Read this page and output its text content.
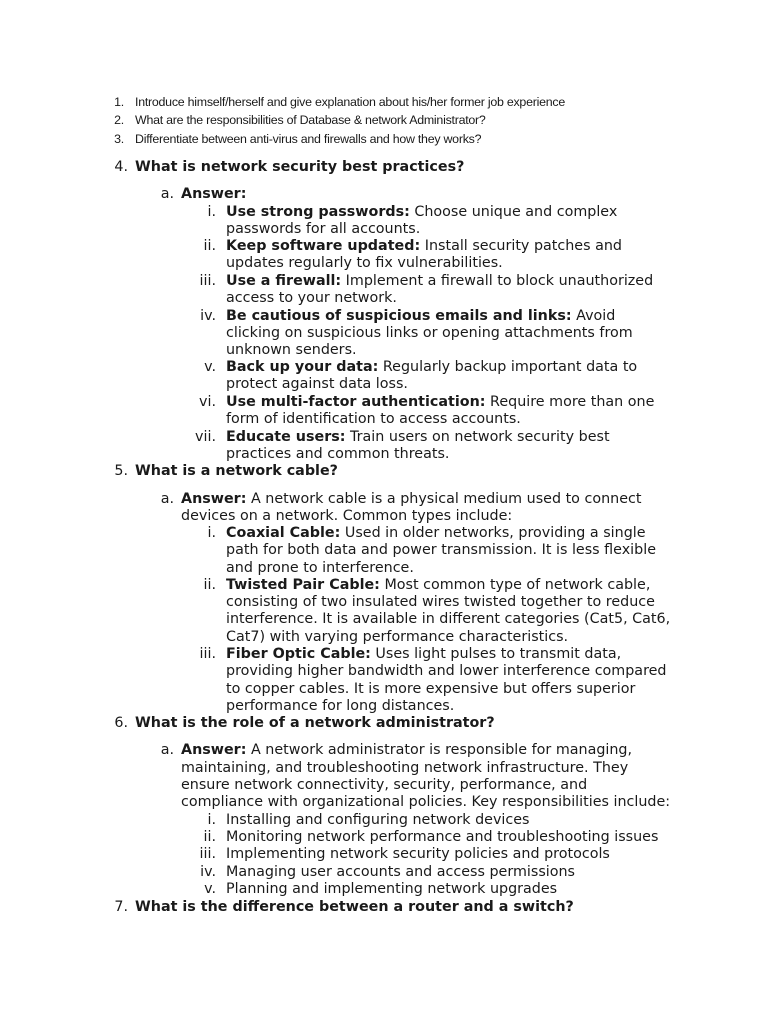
1. Introduce himself/herself and give explanation about his/her former job experience
2. What are the responsibilities of Database & network Administrator?
3. Differentiate between anti-virus and firewalls and how they works?
4. What is network security best practices?
a. Answer:
i. Use strong passwords: Choose unique and complex
passwords for all accounts.
ii. Keep software updated: Install security patches and
updates regularly to fix vulnerabilities.
iii. Use a firewall: Implement a firewall to block unauthorized
access to your network.
iv. Be cautious of suspicious emails and links: Avoid
clicking on suspicious links or opening attachments from
unknown senders.
v. Back up your data: Regularly backup important data to
protect against data loss.
vi. Use multi-factor authentication: Require more than one
form of identification to access accounts.
vii. Educate users: Train users on network security best
practices and common threats.
5. What is a network cable?
a. Answer: A network cable is a physical medium used to connect
devices on a network. Common types include:
i. Coaxial Cable: Used in older networks, providing a single
path for both data and power transmission. It is less flexible
and prone to interference.
ii. Twisted Pair Cable: Most common type of network cable,
consisting of two insulated wires twisted together to reduce
interference. It is available in different categories (Cat5, Cat6,
Cat7) with varying performance characteristics.
iii. Fiber Optic Cable: Uses light pulses to transmit data,
providing higher bandwidth and lower interference compared
to copper cables. It is more expensive but offers superior
performance for long distances.
6. What is the role of a network administrator?
a. Answer: A network administrator is responsible for managing,
maintaining, and troubleshooting network infrastructure. They
ensure network connectivity, security, performance, and
compliance with organizational policies. Key responsibilities include:
i. Installing and configuring network devices
ii. Monitoring network performance and troubleshooting issues
iii. Implementing network security policies and protocols
iv. Managing user accounts and access permissions
v. Planning and implementing network upgrades
7. What is the difference between a router and a switch?
